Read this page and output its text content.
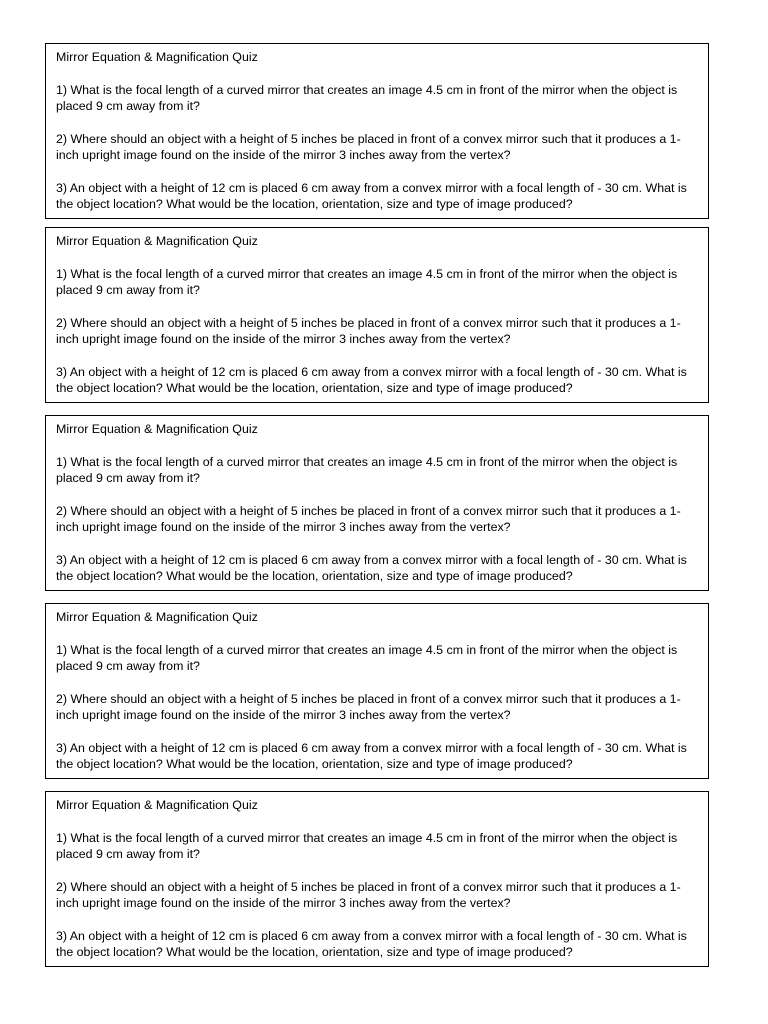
Mirror Equation & Magnification Quiz
1) What is the focal length of a curved mirror that creates an image 4.5 cm in front of the mirror when the object is placed 9 cm away from it?
2) Where should an object with a height of 5 inches be placed in front of a convex mirror such that it produces a 1-inch upright image found on the inside of the mirror 3 inches away from the vertex?
3) An object with a height of 12 cm is placed 6 cm away from a convex mirror with a focal length of - 30 cm. What is the object location? What would be the location, orientation, size and type of image produced?
Mirror Equation & Magnification Quiz
1) What is the focal length of a curved mirror that creates an image 4.5 cm in front of the mirror when the object is placed 9 cm away from it?
2) Where should an object with a height of 5 inches be placed in front of a convex mirror such that it produces a 1-inch upright image found on the inside of the mirror 3 inches away from the vertex?
3) An object with a height of 12 cm is placed 6 cm away from a convex mirror with a focal length of - 30 cm. What is the object location? What would be the location, orientation, size and type of image produced?
Mirror Equation & Magnification Quiz
1) What is the focal length of a curved mirror that creates an image 4.5 cm in front of the mirror when the object is placed 9 cm away from it?
2) Where should an object with a height of 5 inches be placed in front of a convex mirror such that it produces a 1-inch upright image found on the inside of the mirror 3 inches away from the vertex?
3) An object with a height of 12 cm is placed 6 cm away from a convex mirror with a focal length of - 30 cm. What is the object location? What would be the location, orientation, size and type of image produced?
Mirror Equation & Magnification Quiz
1) What is the focal length of a curved mirror that creates an image 4.5 cm in front of the mirror when the object is placed 9 cm away from it?
2) Where should an object with a height of 5 inches be placed in front of a convex mirror such that it produces a 1-inch upright image found on the inside of the mirror 3 inches away from the vertex?
3) An object with a height of 12 cm is placed 6 cm away from a convex mirror with a focal length of - 30 cm. What is the object location? What would be the location, orientation, size and type of image produced?
Mirror Equation & Magnification Quiz
1) What is the focal length of a curved mirror that creates an image 4.5 cm in front of the mirror when the object is placed 9 cm away from it?
2) Where should an object with a height of 5 inches be placed in front of a convex mirror such that it produces a 1-inch upright image found on the inside of the mirror 3 inches away from the vertex?
3) An object with a height of 12 cm is placed 6 cm away from a convex mirror with a focal length of - 30 cm. What is the object location? What would be the location, orientation, size and type of image produced?
